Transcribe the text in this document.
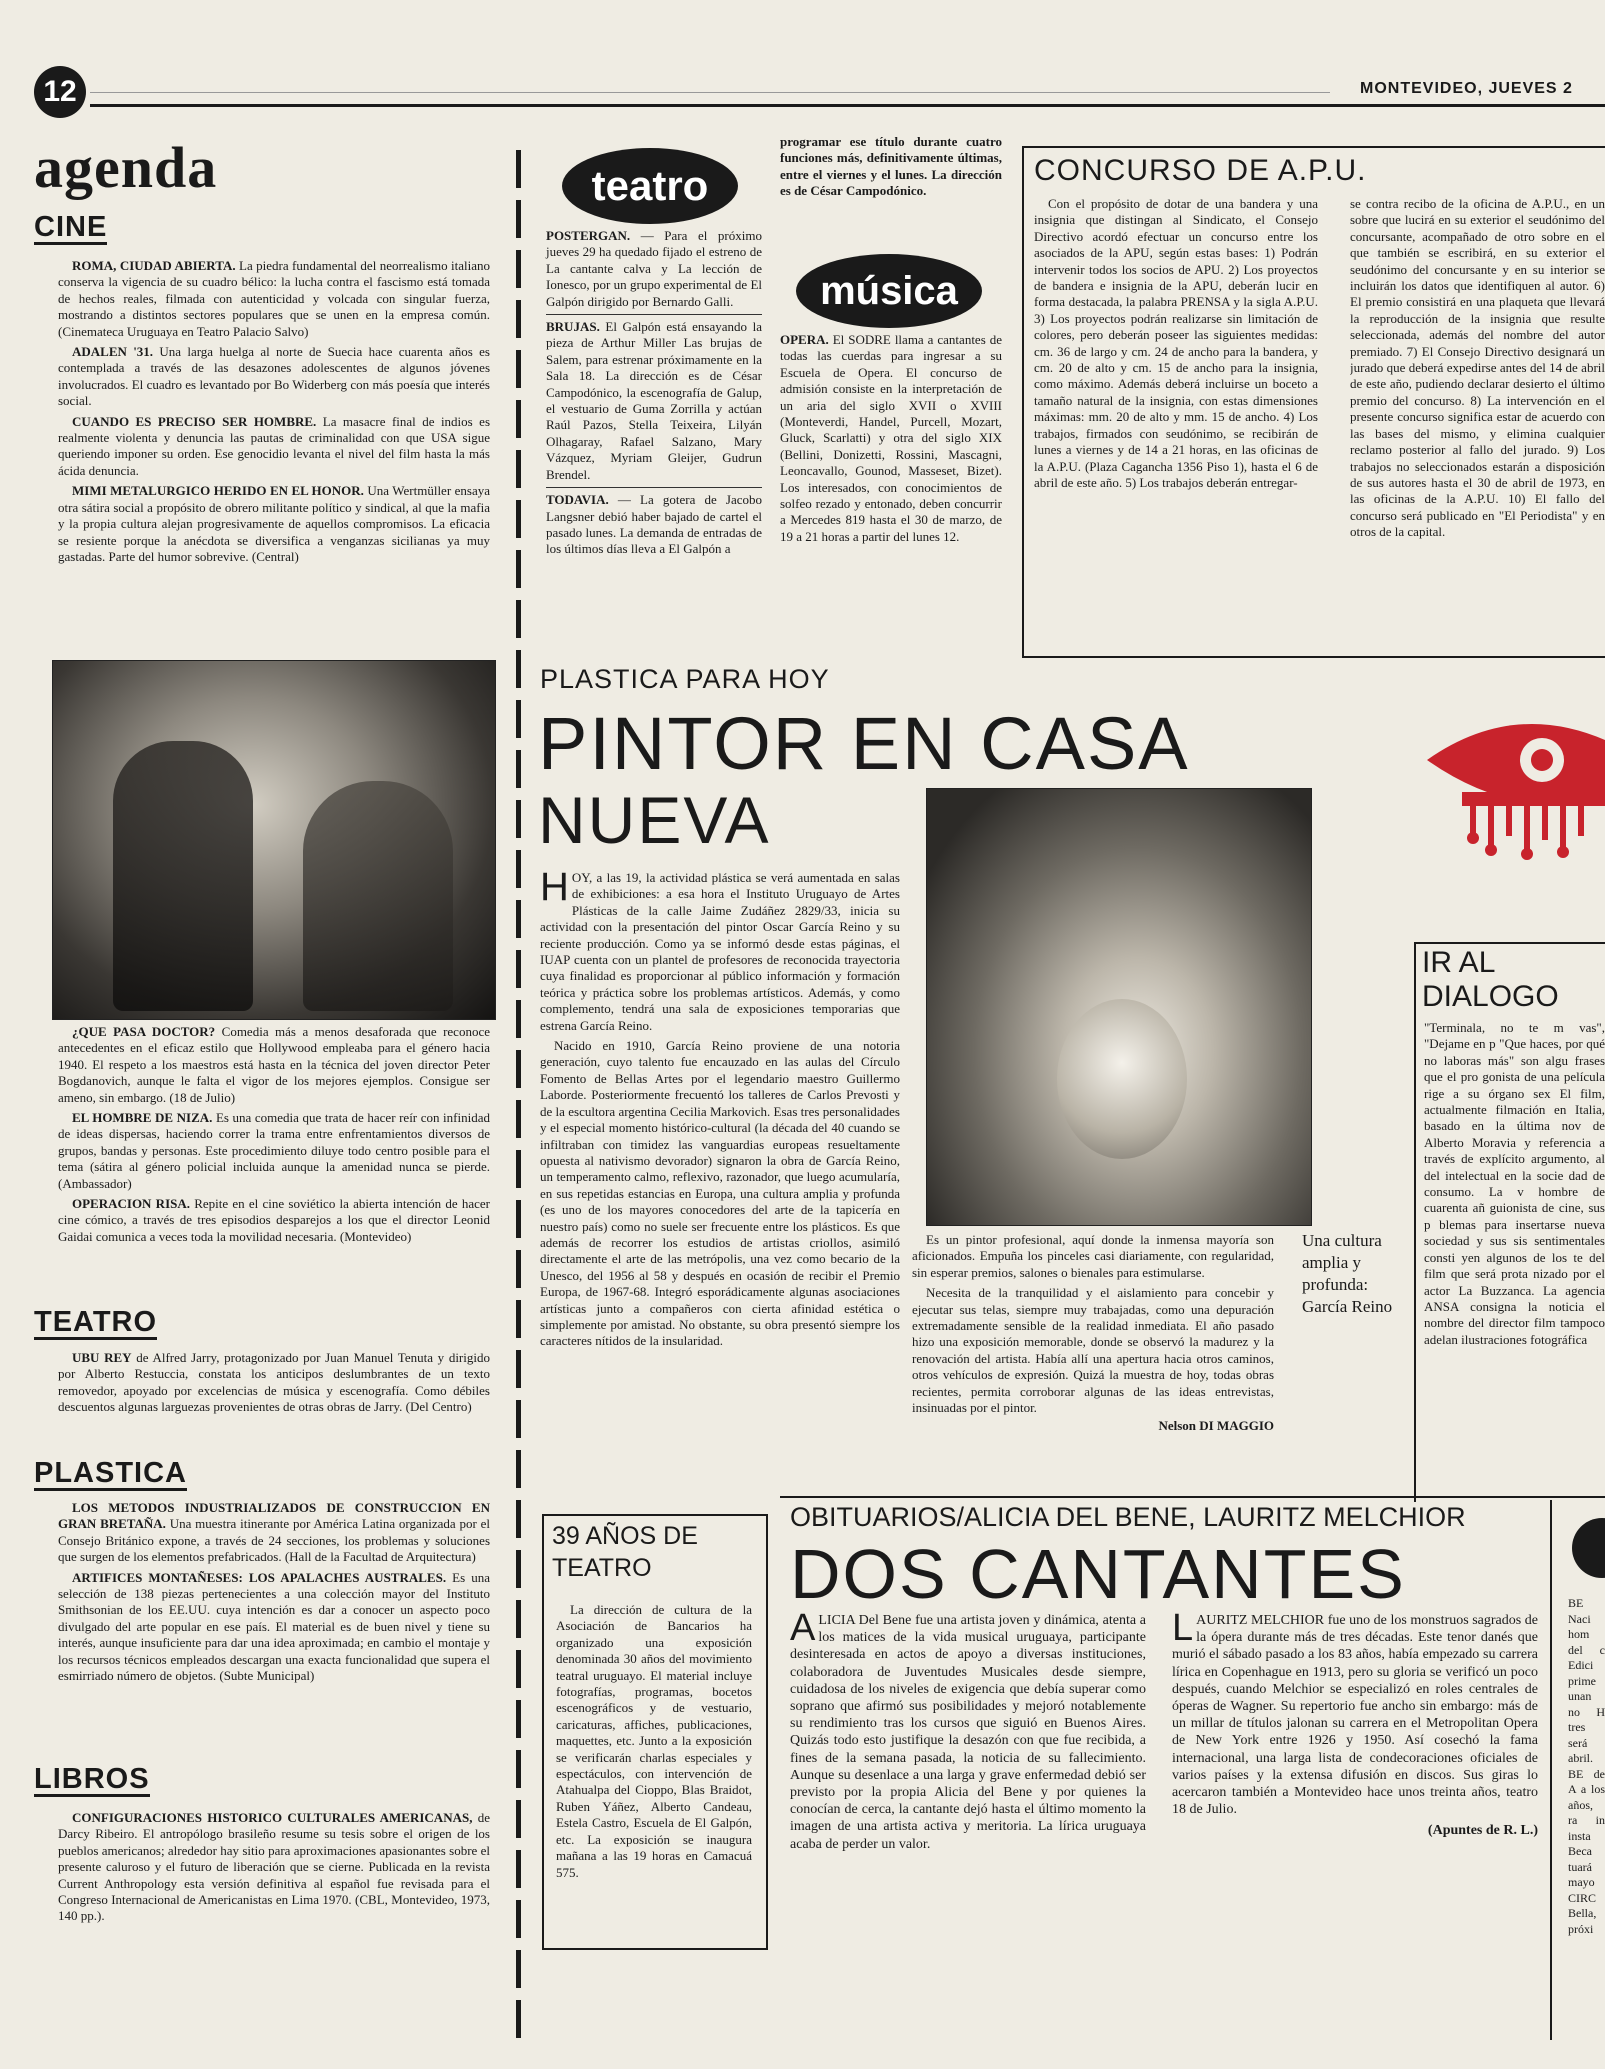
12	MONTEVIDEO, JUEVES 2
agenda
CINE

ROMA, CIUDAD ABIERTA. La piedra fundamental del neorrealismo italiano conserva la vigencia de su cuadro bélico: la lucha contra el fascismo está tomada de hechos reales, filmada con autenticidad y volcada con singular fuerza, mostrando a distintos sectores populares que se unen en la empresa común. (Cinemateca Uruguaya en Teatro Palacio Salvo)

ADALEN '31. Una larga huelga al norte de Suecia hace cuarenta años es contemplada a través de las desazones adolescentes de algunos jóvenes involucrados. El cuadro es levantado por Bo Widerberg con más poesía que interés social.

CUANDO ES PRECISO SER HOMBRE. La masacre final de indios es realmente violenta y denuncia las pautas de criminalidad con que USA sigue queriendo imponer su orden. Ese genocidio levanta el nivel del film hasta la más ácida denuncia.

MIMI METALURGICO HERIDO EN EL HONOR. Una Wertmüller ensaya otra sátira social a propósito de obrero militante político y sindical, al que la mafia y la propia cultura alejan progresivamente de aquellos compromisos. La eficacia se resiente porque la anécdota se diversifica a venganzas sicilianas ya muy gastadas. Parte del humor sobrevive. (Central)

¿QUE PASA DOCTOR? Comedia más a menos desaforada que reconoce antecedentes en el eficaz estilo que Hollywood empleaba para el género hacia 1940. El respeto a los maestros está hasta en la técnica del joven director Peter Bogdanovich, aunque le falta el vigor de los mejores ejemplos. Consigue ser ameno, sin embargo. (18 de Julio)

EL HOMBRE DE NIZA. Es una comedia que trata de hacer reír con infinidad de ideas dispersas, haciendo correr la trama entre enfrentamientos diversos de grupos, bandas y personas. Este procedimiento diluye todo centro posible para el tema (sátira al género policial incluida aunque la amenidad nunca se pierde. (Ambassador)

OPERACION RISA. Repite en el cine soviético la abierta intención de hacer cine cómico, a través de tres episodios desparejos a los que el director Leonid Gaidai comunica a veces toda la movilidad necesaria. (Montevideo)

TEATRO

UBU REY de Alfred Jarry, protagonizado por Juan Manuel Tenuta y dirigido por Alberto Restuccia, constata los anticipos deslumbrantes de un texto removedor, apoyado por excelencias de música y escenografía. Como débiles descuentos algunas larguezas provenientes de otras obras de Jarry. (Del Centro)

PLASTICA

LOS METODOS INDUSTRIALIZADOS DE CONSTRUCCION EN GRAN BRETAÑA. Una muestra itinerante por América Latina organizada por el Consejo Británico expone, a través de 24 secciones, los problemas y soluciones que surgen de los elementos prefabricados. (Hall de la Facultad de Arquitectura)

ARTIFICES MONTAÑESES: LOS APALACHES AUSTRALES. Es una selección de 138 piezas pertenecientes a una colección mayor del Instituto Smithsonian de los EE.UU. cuya intención es dar a conocer un aspecto poco divulgado del arte popular en ese país. El material es de buen nivel y tiene su interés, aunque insuficiente para dar una idea aproximada; en cambio el montaje y los recursos técnicos empleados descargan una exacta funcionalidad que supera el esmirriado número de objetos. (Subte Municipal)

LIBROS

CONFIGURACIONES HISTORICO CULTURALES AMERICANAS, de Darcy Ribeiro. El antropólogo brasileño resume su tesis sobre el origen de los pueblos americanos; alrededor hay sitio para aproximaciones apasionantes sobre el presente caluroso y el futuro de liberación que se cierne. Publicada en la revista Current Anthropology esta versión definitiva al español fue revisada para el Congreso Internacional de Americanistas en Lima 1970. (CBL, Montevideo, 1973, 140 pp.).

teatro

POSTERGAN. — Para el próximo jueves 29 ha quedado fijado el estreno de La cantante calva y La lección de Ionesco, por un grupo experimental de El Galpón dirigido por Bernardo Galli.

BRUJAS. El Galpón está ensayando la pieza de Arthur Miller Las brujas de Salem, para estrenar próximamente en la Sala 18. La dirección es de César Campodónico, la escenografía de Galup, el vestuario de Guma Zorrilla y actúan Raúl Pazos, Stella Teixeira, Lilyán Olhagaray, Rafael Salzano, Mary Vázquez, Myriam Gleijer, Gudrun Brendel.

TODAVIA. — La gotera de Jacobo Langsner debió haber bajado de cartel el pasado lunes. La demanda de entradas de los últimos días lleva a El Galpón a

programar ese título durante cuatro funciones más, definitivamente últimas, entre el viernes y el lunes. La dirección es de César Campodónico.

música

OPERA. El SODRE llama a cantantes de todas las cuerdas para ingresar a su Escuela de Opera. El concurso de admisión consiste en la interpretación de un aria del siglo XVII o XVIII (Monteverdi, Handel, Purcell, Mozart, Gluck, Scarlatti) y otra del siglo XIX (Bellini, Donizetti, Rossini, Mascagni, Leoncavallo, Gounod, Masseset, Bizet). Los interesados, con conocimientos de solfeo rezado y entonado, deben concurrir a Mercedes 819 hasta el 30 de marzo, de 19 a 21 horas a partir del lunes 12.

CONCURSO DE A.P.U.

Con el propósito de dotar de una bandera y una insignia que distingan al Sindicato, el Consejo Directivo acordó efectuar un concurso entre los asociados de la APU, según estas bases: 1) Podrán intervenir todos los socios de APU. 2) Los proyectos de bandera e insignia de la APU, deberán lucir en forma destacada, la palabra PRENSA y la sigla A.P.U. 3) Los proyectos podrán realizarse sin limitación de colores, pero deberán poseer las siguientes medidas: cm. 36 de largo y cm. 24 de ancho para la bandera, y cm. 20 de alto y cm. 15 de ancho para la insignia, como máximo. Además deberá incluirse un boceto a tamaño natural de la insignia, con estas dimensiones máximas: mm. 20 de alto y mm. 15 de ancho. 4) Los trabajos, firmados con seudónimo, se recibirán de lunes a viernes y de 14 a 21 horas, en las oficinas de la A.P.U. (Plaza Cagancha 1356 Piso 1), hasta el 6 de abril de este año. 5) Los trabajos deberán entregar-

se contra recibo de la oficina de A.P.U., en un sobre que lucirá en su exterior el seudónimo del concursante, acompañado de otro sobre en el que también se escribirá, en su exterior el seudónimo del concursante y en su interior se incluirán los datos que identifiquen al autor. 6) El premio consistirá en una plaqueta que llevará la reproducción de la insignia que resulte seleccionada, además del nombre del autor premiado. 7) El Consejo Directivo designará un jurado que deberá expedirse antes del 14 de abril de este año, pudiendo declarar desierto el último premio del concurso. 8) La intervención en el presente concurso significa estar de acuerdo con las bases del mismo, y elimina cualquier reclamo posterior al fallo del jurado. 9) Los trabajos no seleccionados estarán a disposición de sus autores hasta el 30 de abril de 1973, en las oficinas de la A.P.U. 10) El fallo del concurso será publicado en "El Periodista" y en otros de la capital.

PLASTICA PARA HOY
PINTOR EN CASA
NUEVA

HOY, a las 19, la actividad plástica se verá aumentada en salas de exhibiciones: a esa hora el Instituto Uruguayo de Artes Plásticas de la calle Jaime Zudáñez 2829/33, inicia su actividad con la presentación del pintor Oscar García Reino y su reciente producción. Como ya se informó desde estas páginas, el IUAP cuenta con un plantel de profesores de reconocida trayectoria cuya finalidad es proporcionar al público información y formación teórica y práctica sobre los problemas artísticos. Además, y como complemento, tendrá una sala de exposiciones temporarias que estrena García Reino.

Nacido en 1910, García Reino proviene de una notoria generación, cuyo talento fue encauzado en las aulas del Círculo Fomento de Bellas Artes por el legendario maestro Guillermo Laborde. Posteriormente frecuentó los talleres de Carlos Prevosti y de la escultora argentina Cecilia Markovich. Esas tres personalidades y el especial momento histórico-cultural (la década del 40 cuando se infiltraban con timidez las vanguardias europeas resueltamente opuesta al nativismo devorador) signaron la obra de García Reino, un temperamento calmo, reflexivo, razonador, que luego acumularía, en sus repetidas estancias en Europa, una cultura amplia y profunda (es uno de los mayores conocedores del arte de la tapicería en nuestro país) como no suele ser frecuente entre los plásticos. Es que además de recorrer los estudios de artistas criollos, asimiló directamente el arte de las metrópolis, una vez como becario de la Unesco, del 1956 al 58 y después en ocasión de recibir el Premio Europa, de 1967-68. Integró esporádicamente algunas asociaciones artísticas junto a compañeros con cierta afinidad estética o simplemente por amistad. No obstante, su obra presentó siempre los caracteres nítidos de la insularidad.

Es un pintor profesional, aquí donde la inmensa mayoría son aficionados. Empuña los pinceles casi diariamente, con regularidad, sin esperar premios, salones o bienales para estimularse.

Necesita de la tranquilidad y el aislamiento para concebir y ejecutar sus telas, siempre muy trabajadas, como una depuración extremadamente sensible de la realidad inmediata. El año pasado hizo una exposición memorable, donde se observó la madurez y la renovación del artista. Había allí una apertura hacia otros caminos, otros vehículos de expresión. Quizá la muestra de hoy, todas obras recientes, permita corroborar algunas de las ideas entrevistas, insinuadas por el pintor.

Nelson DI MAGGIO

Una cultura amplia y profunda: García Reino
IR AL
DIALOGO

"Terminala, no te m vas", "Dejame en p "Que haces, por qué no laboras más" son algu frases que el pro gonista de una película rige a su órgano sex El film, actualmente filmación en Italia, basado en la última nov de Alberto Moravia y referencia a través de explícito argumento, al del intelectual en la socie dad de consumo. La v hombre de cuarenta añ guionista de cine, sus p blemas para insertarse nueva sociedad y sus sis sentimentales consti yen algunos de los te del film que será prota nizado por el actor La Buzzanca. La agencia ANSA consigna la noticia el nombre del director film tampoco adelan ilustraciones fotográfica

39 AÑOS DE
TEATRO

La dirección de cultura de la Asociación de Bancarios ha organizado una exposición denominada 30 años del movimiento teatral uruguayo. El material incluye fotografías, programas, bocetos escenográficos y de vestuario, caricaturas, affiches, publicaciones, maquettes, etc. Junto a la exposición se verificarán charlas especiales y espectáculos, con intervención de Atahualpa del Cioppo, Blas Braidot, Ruben Yáñez, Alberto Candeau, Estela Castro, Escuela de El Galpón, etc. La exposición se inaugura mañana a las 19 horas en Camacuá 575.

OBITUARIOS/ALICIA DEL BENE, LAURITZ MELCHIOR
DOS CANTANTES

ALICIA Del Bene fue una artista joven y dinámica, atenta a los matices de la vida musical uruguaya, participante desinteresada en actos de apoyo a diversas instituciones, colaboradora de Juventudes Musicales desde siempre, cuidadosa de los niveles de exigencia que debía superar como soprano que afirmó sus posibilidades y mejoró notablemente su rendimiento tras los cursos que siguió en Buenos Aires. Quizás todo esto justifique la desazón con que fue recibida, a fines de la semana pasada, la noticia de su fallecimiento. Aunque su desenlace a una larga y grave enfermedad debió ser previsto por la propia Alicia del Bene y por quienes la conocían de cerca, la cantante dejó hasta el último momento la imagen de una artista activa y meritoria. La lírica uruguaya acaba de perder un valor.

LAURITZ MELCHIOR fue uno de los monstruos sagrados de la ópera durante más de tres décadas. Este tenor danés que murió el sábado pasado a los 83 años, había empezado su carrera lírica en Copenhague en 1913, pero su gloria se verificó un poco después, cuando Melchior se especializó en roles centrales de óperas de Wagner. Su repertorio fue ancho sin embargo: más de un millar de títulos jalonan su carrera en el Metropolitan Opera de New York entre 1926 y 1950. Así cosechó la fama internacional, una larga lista de condecoraciones oficiales de varios países y la extensa difusión en discos. Sus giras lo acercaron también a Montevideo hace unos treinta años, teatro 18 de Julio.

(Apuntes de R. L.)

BE Naci hom del c Edici prime unan no H tres será abril. BE de A a los años, ra in insta Beca tuará mayo CIRC Bella, próxi
